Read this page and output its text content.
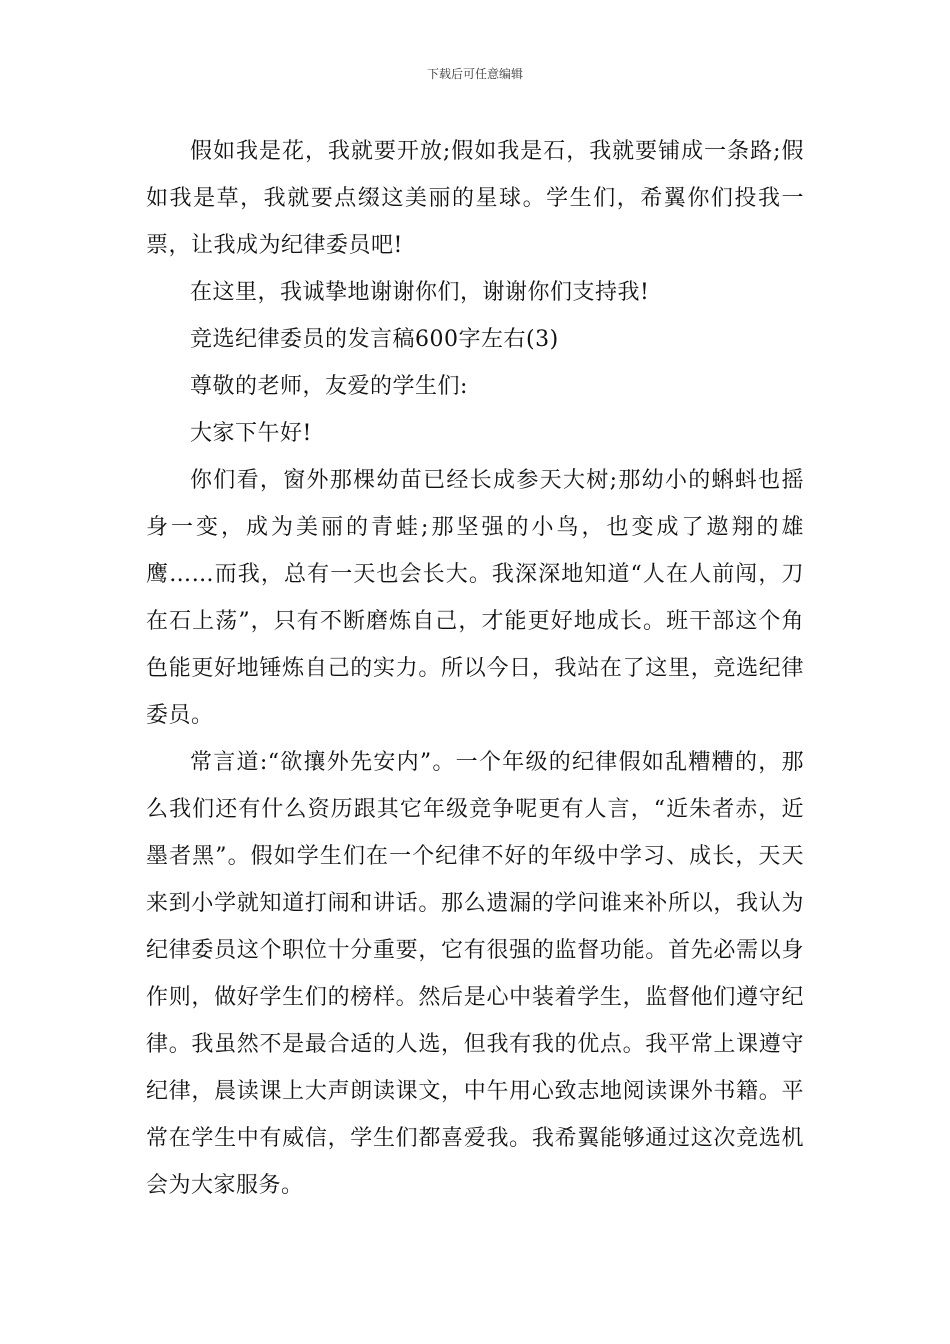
下载后可任意编辑

假如我是花，我就要开放;假如我是石，我就要铺成一条路;假如我是草，我就要点缀这美丽的星球。学生们，希翼你们投我一票，让我成为纪律委员吧!

在这里，我诚挚地谢谢你们，谢谢你们支持我!

竞选纪律委员的发言稿600字左右(3)

尊敬的老师，友爱的学生们:

大家下午好!

你们看，窗外那棵幼苗已经长成参天大树;那幼小的蝌蚪也摇身一变，成为美丽的青蛙;那坚强的小鸟，也变成了遨翔的雄鹰……而我，总有一天也会长大。我深深地知道“人在人前闯，刀在石上荡”，只有不断磨炼自己，才能更好地成长。班干部这个角色能更好地锤炼自己的实力。所以今日，我站在了这里，竞选纪律委员。

常言道:“欲攘外先安内”。一个年级的纪律假如乱糟糟的，那么我们还有什么资历跟其它年级竞争呢更有人言，“近朱者赤，近墨者黑”。假如学生们在一个纪律不好的年级中学习、成长，天天来到小学就知道打闹和讲话。那么遗漏的学问谁来补所以，我认为纪律委员这个职位十分重要，它有很强的监督功能。首先必需以身作则，做好学生们的榜样。然后是心中装着学生，监督他们遵守纪律。我虽然不是最合适的人选，但我有我的优点。我平常上课遵守纪律，晨读课上大声朗读课文，中午用心致志地阅读课外书籍。平常在学生中有威信，学生们都喜爱我。我希翼能够通过这次竞选机会为大家服务。
